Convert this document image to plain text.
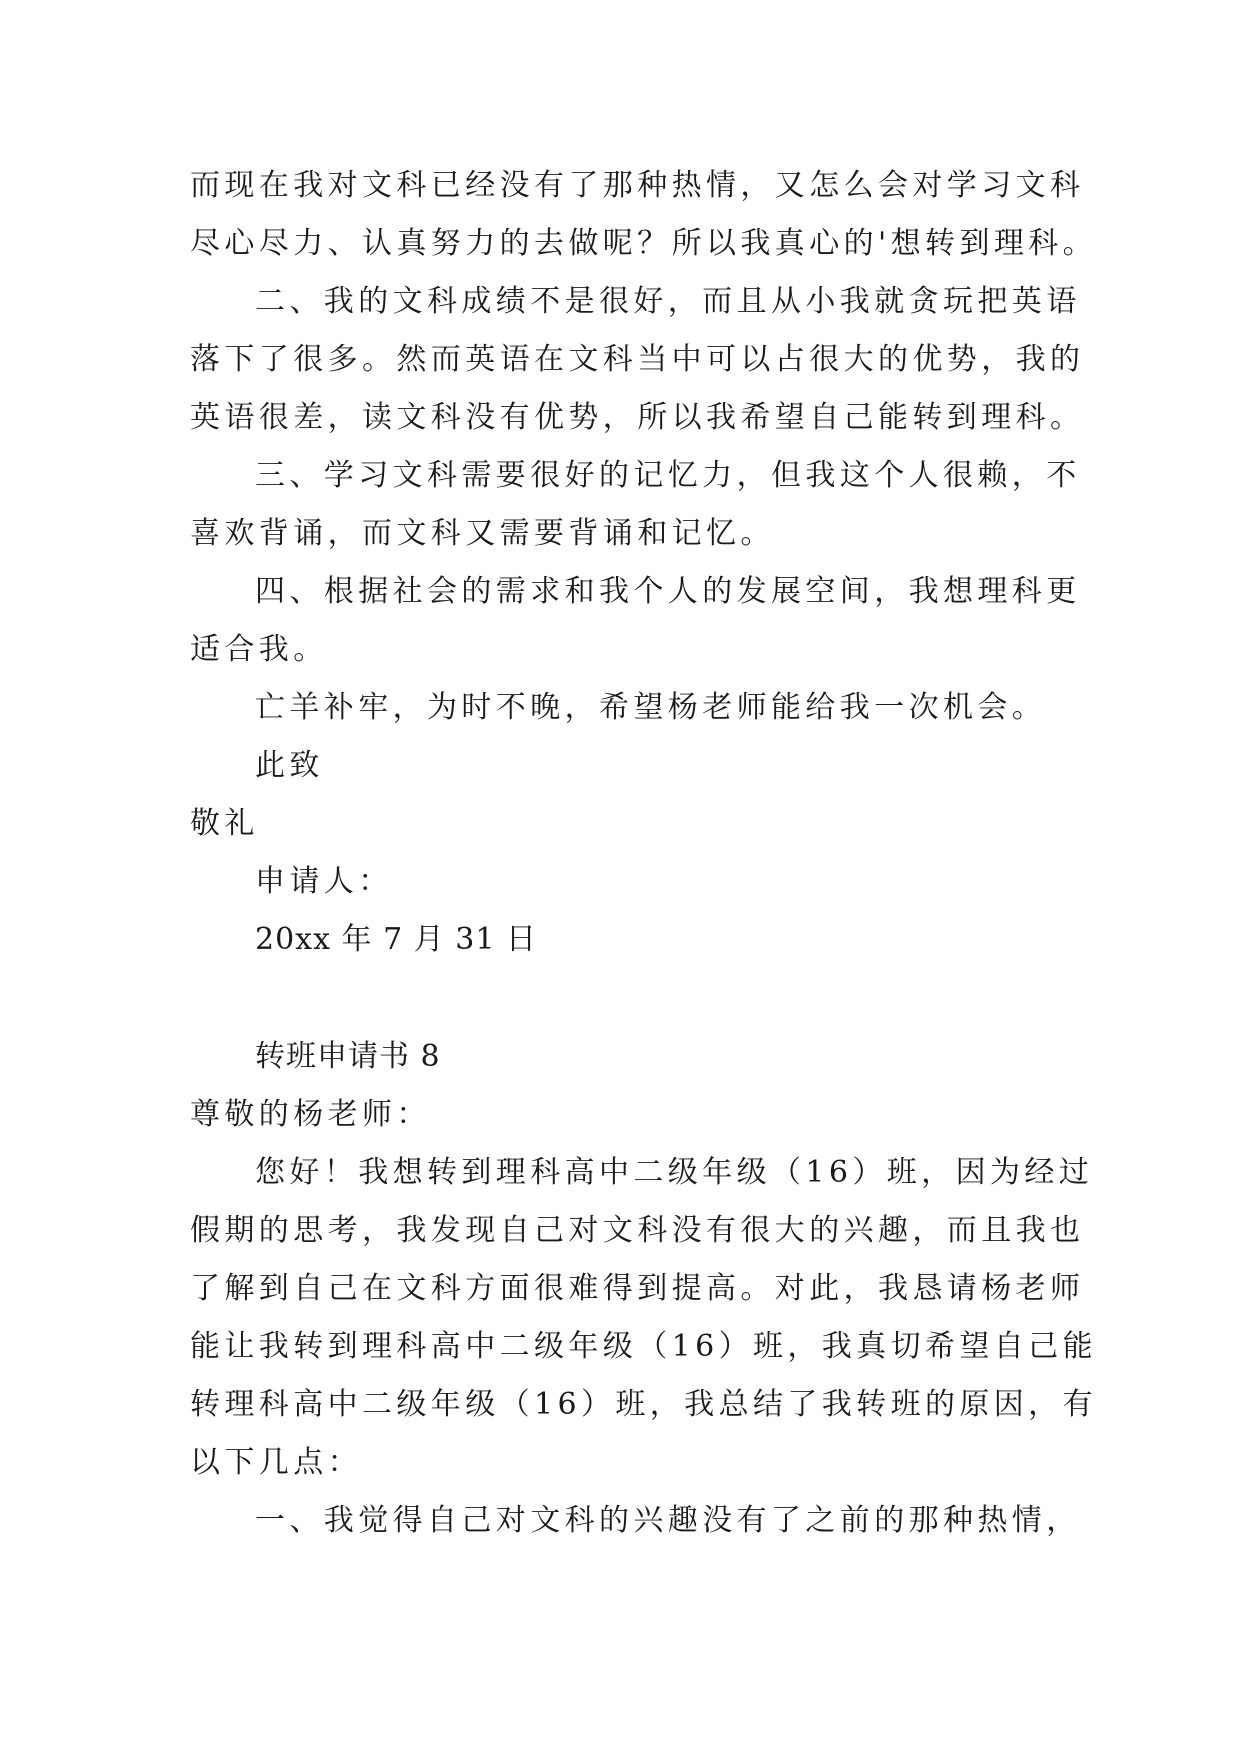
而现在我对文科已经没有了那种热情，又怎么会对学习文科
尽心尽力、认真努力的去做呢？所以我真心的'想转到理科。
二、我的文科成绩不是很好，而且从小我就贪玩把英语
落下了很多。然而英语在文科当中可以占很大的优势，我的
英语很差，读文科没有优势，所以我希望自己能转到理科。
三、学习文科需要很好的记忆力，但我这个人很赖，不
喜欢背诵，而文科又需要背诵和记忆。
四、根据社会的需求和我个人的发展空间，我想理科更
适合我。
亡羊补牢，为时不晚，希望杨老师能给我一次机会。
此致
敬礼
申请人：
20xx 年 7 月 31 日
转班申请书 8
尊敬的杨老师：
您好！我想转到理科高中二级年级（16）班，因为经过
假期的思考，我发现自己对文科没有很大的兴趣，而且我也
了解到自己在文科方面很难得到提高。对此，我恳请杨老师
能让我转到理科高中二级年级（16）班，我真切希望自己能
转理科高中二级年级（16）班，我总结了我转班的原因，有
以下几点：
一、我觉得自己对文科的兴趣没有了之前的那种热情，
